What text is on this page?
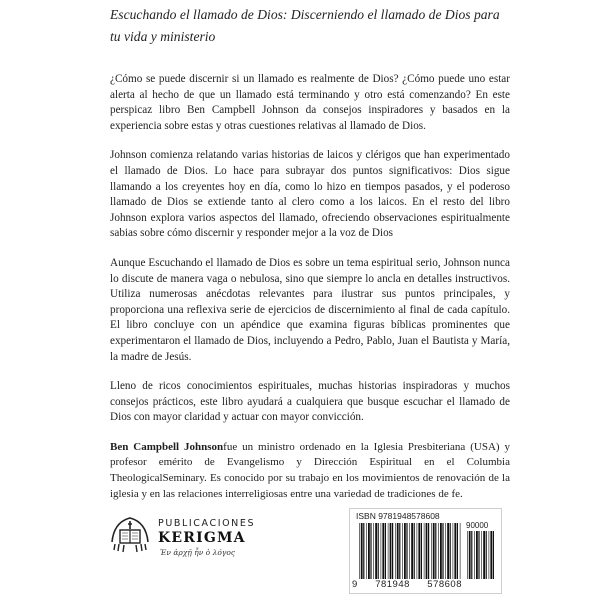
Escuchando el llamado de Dios: Discerniendo el llamado de Dios para tu vida y ministerio

¿Cómo se puede discernir si un llamado es realmente de Dios? ¿Cómo puede uno estar alerta al hecho de que un llamado está terminando y otro está comenzando? En este perspicaz libro Ben Campbell Johnson da consejos inspiradores y basados en la experiencia sobre estas y otras cuestiones relativas al llamado de Dios.

Johnson comienza relatando varias historias de laicos y clérigos que han experimentado el llamado de Dios. Lo hace para subrayar dos puntos significativos: Dios sigue llamando a los creyentes hoy en día, como lo hizo en tiempos pasados, y el poderoso llamado de Dios se extiende tanto al clero como a los laicos. En el resto del libro Johnson explora varios aspectos del llamado, ofreciendo observaciones espiritualmente sabias sobre cómo discernir y responder mejor a la voz de Dios

Aunque Escuchando el llamado de Dios es sobre un tema espiritual serio, Johnson nunca lo discute de manera vaga o nebulosa, sino que siempre lo ancla en detalles instructivos. Utiliza numerosas anécdotas relevantes para ilustrar sus puntos principales, y proporciona una reflexiva serie de ejercicios de discernimiento al final de cada capítulo. El libro concluye con un apéndice que examina figuras bíblicas prominentes que experimentaron el llamado de Dios, incluyendo a Pedro, Pablo, Juan el Bautista y María, la madre de Jesús.

Lleno de ricos conocimientos espirituales, muchas historias inspiradoras y muchos consejos prácticos, este libro ayudará a cualquiera que busque escuchar el llamado de Dios con mayor claridad y actuar con mayor convicción.

Ben Campbell Johnsonfue un ministro ordenado en la Iglesia Presbiteriana (USA) y profesor emérito de Evangelismo y Dirección Espiritual en el Columbia TheologicalSeminary. Es conocido por su trabajo en los movimientos de renovación de la iglesia y en las relaciones interreligiosas entre una variedad de tradiciones de fe.

PUBLICACIONES
KERIGMA
Ἐν ἀρχῇ ἦν ὁ λόγος
ISBN 9781948578608
90000
9 781948 578608
